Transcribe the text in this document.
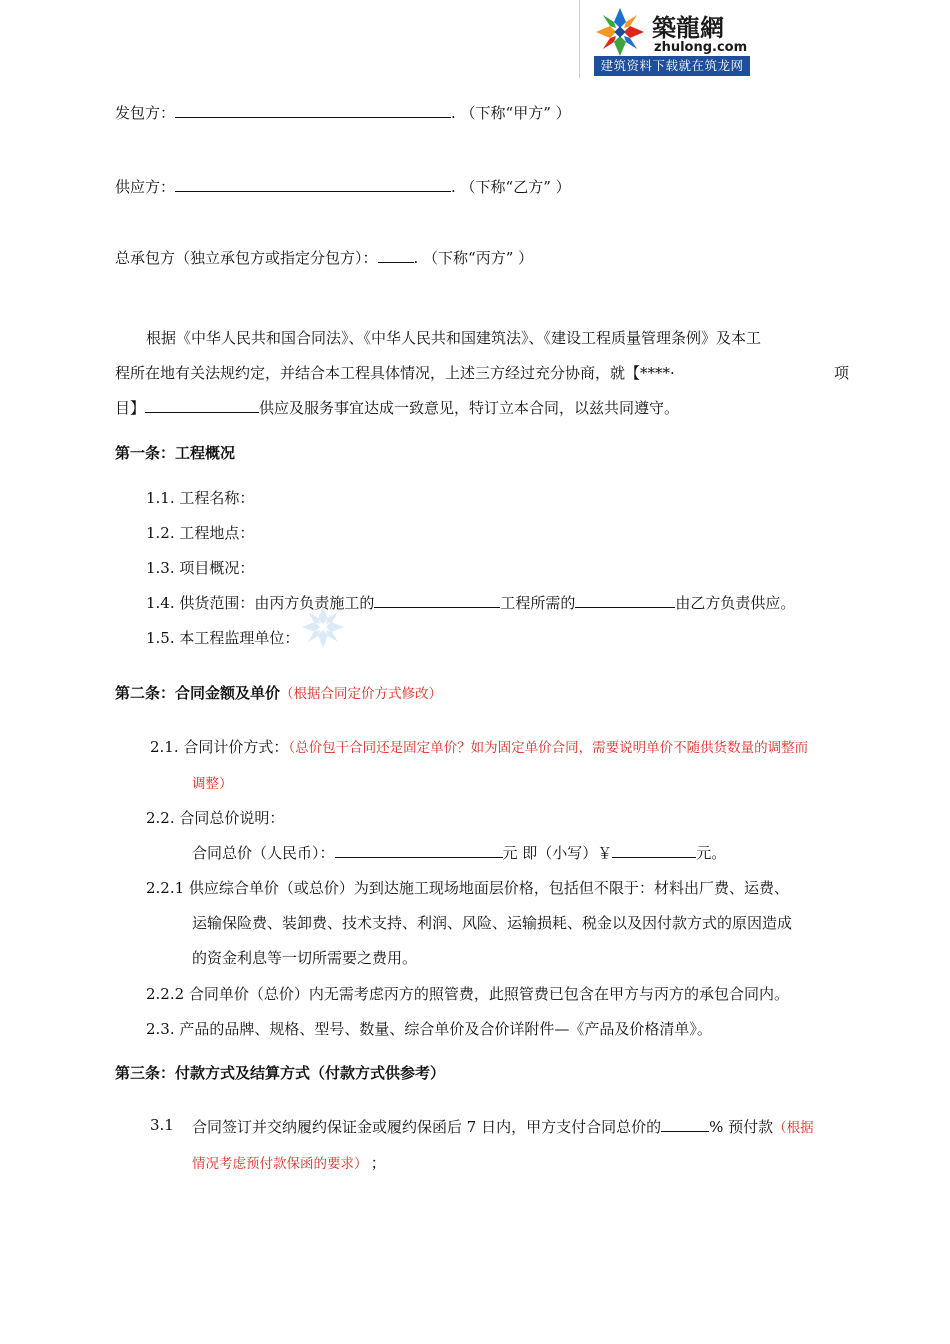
築龍網
zhulong.com
建筑资料下载就在筑龙网
发包方：	. （下称“甲方” ）
供应方：	. （下称“乙方” ）
总承包方（独立承包方或指定分包方）： . （下称“丙方” ）
根据《中华人民共和国合同法》、《中华人民共和国建筑法》、《建设工程质量管理条例》及本工
程所在地有关法规约定，并结合本工程具体情况，上述三方经过充分协商，就【****·	项
目】	供应及服务事宜达成一致意见，特订立本合同，以兹共同遵守。
第一条：工程概况
1.1. 工程名称：
1.2. 工程地点：
1.3. 项目概况：
1.4. 供货范围：由丙方负责施工的	工程所需的	由乙方负责供应。
1.5. 本工程监理单位：
第二条：合同金额及单价（根据合同定价方式修改）
2.1. 合同计价方式：（总价包干合同还是固定单价？如为固定单价合同，需要说明单价不随供货数量的调整而
调整）
2.2. 合同总价说明：
合同总价（人民币）：	元 即（小写）￥	元。
2.2.1 供应综合单价（或总价）为到达施工现场地面层价格，包括但不限于：材料出厂费、运费、
运输保险费、装卸费、技术支持、利润、风险、运输损耗、税金以及因付款方式的原因造成
的资金利息等一切所需要之费用。
2.2.2 合同单价（总价）内无需考虑丙方的照管费，此照管费已包含在甲方与丙方的承包合同内。
2.3. 产品的品牌、规格、型号、数量、综合单价及合价详附件—《产品及价格清单》。
第三条：付款方式及结算方式（付款方式供参考）
3.1 合同签订并交纳履约保证金或履约保函后 7 日内，甲方支付合同总价的	% 预付款（根据
情况考虑预付款保函的要求） ；
